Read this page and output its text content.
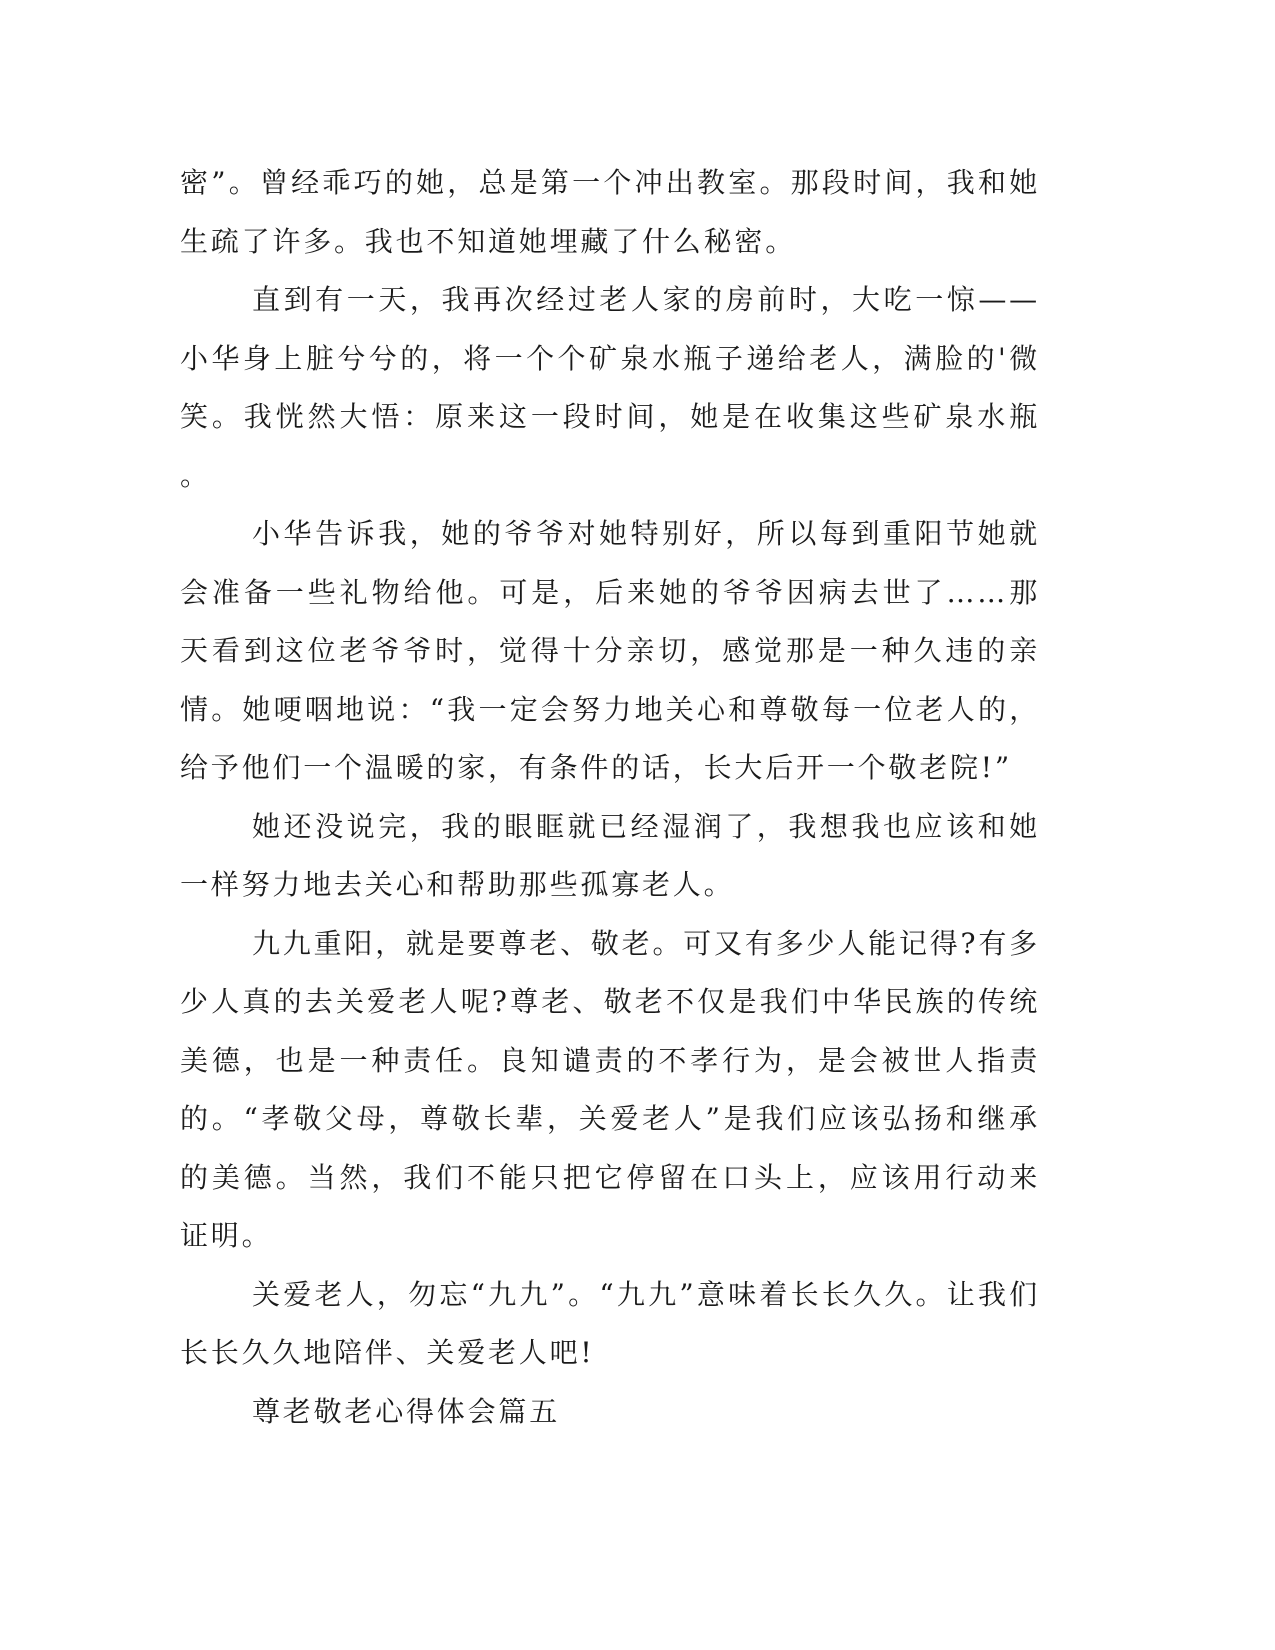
密”。曾经乖巧的她，总是第一个冲出教室。那段时间，我和她生疏了许多。我也不知道她埋藏了什么秘密。

直到有一天，我再次经过老人家的房前时，大吃一惊——小华身上脏兮兮的，将一个个矿泉水瓶子递给老人，满脸的'微笑。我恍然大悟：原来这一段时间，她是在收集这些矿泉水瓶。

小华告诉我，她的爷爷对她特别好，所以每到重阳节她就会准备一些礼物给他。可是，后来她的爷爷因病去世了……那天看到这位老爷爷时，觉得十分亲切，感觉那是一种久违的亲情。她哽咽地说：“我一定会努力地关心和尊敬每一位老人的，给予他们一个温暖的家，有条件的话，长大后开一个敬老院!”

她还没说完，我的眼眶就已经湿润了，我想我也应该和她一样努力地去关心和帮助那些孤寡老人。

九九重阳，就是要尊老、敬老。可又有多少人能记得?有多少人真的去关爱老人呢?尊老、敬老不仅是我们中华民族的传统美德，也是一种责任。良知谴责的不孝行为，是会被世人指责的。“孝敬父母，尊敬长辈，关爱老人”是我们应该弘扬和继承的美德。当然，我们不能只把它停留在口头上，应该用行动来证明。

关爱老人，勿忘“九九”。“九九”意味着长长久久。让我们长长久久地陪伴、关爱老人吧!

尊老敬老心得体会篇五
